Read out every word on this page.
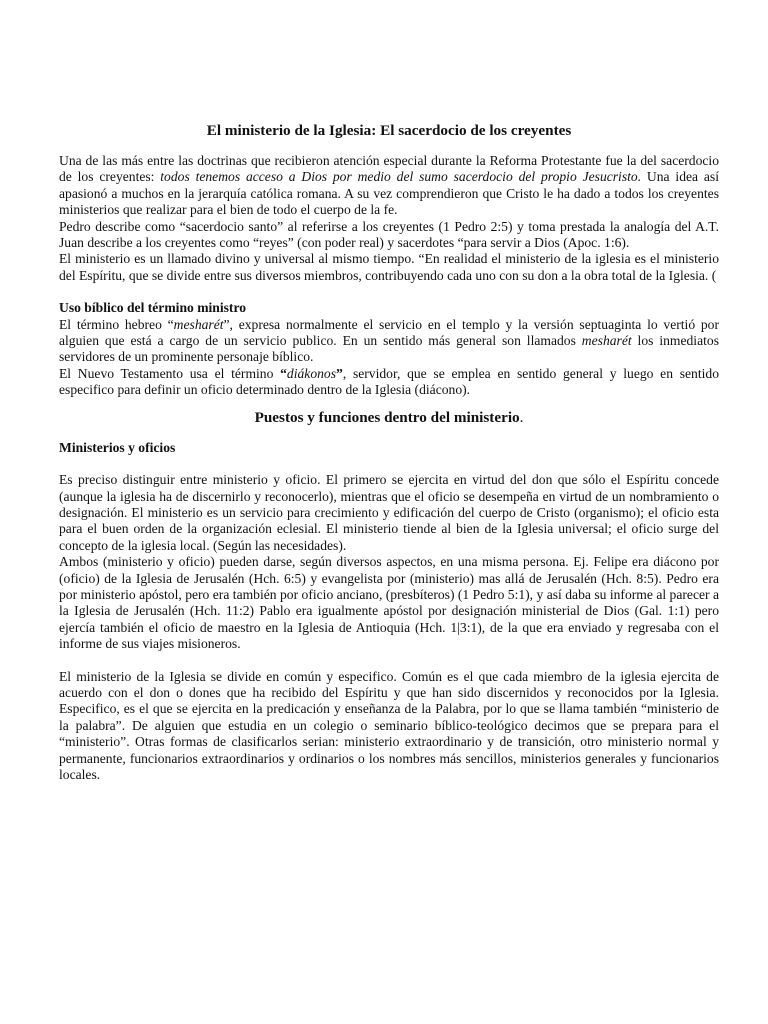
El ministerio de la Iglesia: El sacerdocio de los creyentes

Una de las más entre las doctrinas que recibieron atención especial durante la Reforma Protestante fue la del sacerdocio de los creyentes: todos tenemos acceso a Dios por medio del sumo sacerdocio del propio Jesucristo. Una idea así apasionó a muchos en la jerarquía católica romana. A su vez comprendieron que Cristo le ha dado a todos los creyentes ministerios que realizar para el bien de todo el cuerpo de la fe.

Pedro describe como “sacerdocio santo” al referirse a los creyentes (1 Pedro 2:5) y toma prestada la analogía del A.T. Juan describe a los creyentes como “reyes” (con poder real) y sacerdotes “para servir a Dios (Apoc. 1:6).

El ministerio es un llamado divino y universal al mismo tiempo. “En realidad el ministerio de la iglesia es el ministerio del Espíritu, que se divide entre sus diversos miembros, contribuyendo cada uno con su don a la obra total de la Iglesia. (

Uso bíblico del término ministro

El término hebreo “mesharét”, expresa normalmente el servicio en el templo y la versión septuaginta lo vertió por alguien que está a cargo de un servicio publico. En un sentido más general son llamados mesharét los inmediatos servidores de un prominente personaje bíblico.

El Nuevo Testamento usa el término “diákonos”, servidor, que se emplea en sentido general y luego en sentido especifico para definir un oficio determinado dentro de la Iglesia (diácono).

Puestos y funciones dentro del ministerio.
Ministerios y oficios

Es preciso distinguir entre ministerio y oficio. El primero se ejercita en virtud del don que sólo el Espíritu concede (aunque la iglesia ha de discernirlo y reconocerlo), mientras que el oficio se desempeña en virtud de un nombramiento o designación. El ministerio es un servicio para crecimiento y edificación del cuerpo de Cristo (organismo); el oficio esta para el buen orden de la organización eclesial. El ministerio tiende al bien de la Iglesia universal; el oficio surge del concepto de la iglesia local. (Según las necesidades).

Ambos (ministerio y oficio) pueden darse, según diversos aspectos, en una misma persona. Ej. Felipe era diácono por (oficio) de la Iglesia de Jerusalén (Hch. 6:5) y evangelista por (ministerio) mas allá de Jerusalén (Hch. 8:5). Pedro era por ministerio apóstol, pero era también por oficio anciano, (presbíteros) (1 Pedro 5:1), y así daba su informe al parecer a la Iglesia de Jerusalén (Hch. 11:2) Pablo era igualmente apóstol por designación ministerial de Dios (Gal. 1:1) pero ejercía también el oficio de maestro en la Iglesia de Antioquia (Hch. 1|3:1), de la que era enviado y regresaba con el informe de sus viajes misioneros.

El ministerio de la Iglesia se divide en común y especifico. Común es el que cada miembro de la iglesia ejercita de acuerdo con el don o dones que ha recibido del Espíritu y que han sido discernidos y reconocidos por la Iglesia. Especifico, es el que se ejercita en la predicación y enseñanza de la Palabra, por lo que se llama también “ministerio de la palabra”. De alguien que estudia en un colegio o seminario bíblico-teológico decimos que se prepara para el “ministerio”. Otras formas de clasificarlos serian: ministerio extraordinario y de transición, otro ministerio normal y permanente, funcionarios extraordinarios y ordinarios o los nombres más sencillos, ministerios generales y funcionarios locales.
